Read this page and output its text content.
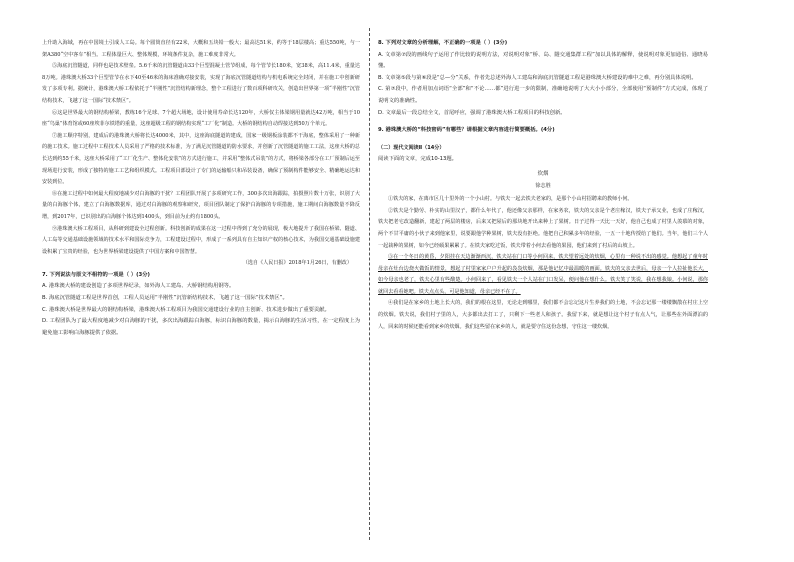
上升助入海域，再在中国境土引成人工岛。每个圆筒直径有22米，大概和五块铅一般大；最高达51米，约等于18层楼高；重达550吨，与一架A380“空中客车”相当。工程体量巨大、整体规模，环境条件复杂，施工难度非常大。

⑤海底沉管隧道，同样也是技术壁垒。5.6千米的沉管隧道由33个巨型混凝土管节组成，每个管节长180米，宽38米，高11.4米，重量达8万吨。港珠澳大桥33个巨型管节在水下40至46米的海床准确对接安装，实现了海底沉管隧道结构与机电系统完全封闭，并在施工中创新研发了多项专利。据统计，港珠澳大桥工程依托于“半刚性”沉管结构新理念，整个工程进行了数百项科研攻关，创造出世界第一项“半刚性”沉管结构技术，飞越了这一国际“技术禁区”。

⑥这是世界最大的钢结构桥梁，教练16个足球、7个超大场地，设计使用寿命长达120年，大桥仅主体梁钢用量就达42万吨，相当于10座“鸟巢”体育馆或60座埃菲尔铁塔的重量，这座超级工程的钢结构实现“工厂化”制造。大桥的钢结构自动焊接达到50万个单元。

⑦施工顺序特别，建成后的港珠澳大桥将长达4000米，其中，这座海底隧道的建成，国家一级钢板涂装都不干海底，整体采用了一种新的施工技术。施工过程中工程技术人员采用了严格的技术标准，为了满足沉管隧道的防水要求，并创新了沉管隧道的施工工法，这座大桥的总长达到约55千米，这座大桥采用了“工厂化生产、整体化安装”的方式进行施工，并采用“整体式吊装”的方式，将桥梁各部分在工厂预制后运至现场进行安装，形成了独特的施工工艺和组织模式。工程项目部设计了专门的运输船只和吊装设备，确保了预制构件能够安全、精确地运达和安装到位。

⑧在施工过程中如何最大程度地减少对白海豚的干扰？工程团队开展了多项研究工作，300多次出海跟踪，拍摄照片数十万张，识别了大量的白海豚个体，建立了白海豚数据库，通过对白海豚的观察和研究，项目团队制定了保护白海豚的专项措施，施工期间白海豚数量不降反增，到2017年，已识别出的白海豚个体达到1400头，到目前为止约有1800头。

⑨港珠澳大桥工程项目，从科研到建设全过程创新。科技创新的成果在这一过程中得到了充分的展现，极大地提升了我国在桥梁、隧道、人工岛等交通基础设施领域的技术水平和国际竞争力，工程建设过程中，形成了一系列具有自主知识产权的核心技术，为我国交通基础设施建设积累了宝贵的经验，也为世界桥梁建设提供了中国方案和中国智慧。

（选自《人民日报》2018年1月26日，有删改）

7. 下列说法与原文不相符的一项是（ ）(3分)

A. 港珠澳大桥的建设创造了多项世界纪录，如外海人工建岛、大桥钢结构用钢等。

B. 海底沉管隧道工程是世界首创，工程人员运用“半刚性”沉管新结构技术，飞越了这一国际“技术禁区”。

C. 港珠澳大桥是世界最大的钢结构桥梁，港珠澳大桥工程项目为我国交通建设行业的自主创新、技术进步做出了重要贡献。

D. 工程团队为了最大程度地减少对白海豚的干扰，多次出海跟踪白海豚，标识白海豚的数量，揭示白海豚的生活习性，在一定程度上为避免施工影响白海豚提供了依据。

8. 下列对文章的分析理解，不正确的一项是（ ）(3分)

A. 文章第⑦段的画线句子运用了作比较的说明方法，对说明对象“桥、岛、隧交通集群工程”加以具体的解释，使说明对象更加通俗、通晓易懂。

B. 文章第⑤段与第⑥段是“总—分”关系，作者先总述外海人工建岛和海底沉管隧道工程是港珠澳大桥建设的难中之难，再分别具体说明。

C. 第⑦段中，作者用加点词语“全部”和“不论……都”进行进一步的限制，准确地说明了大大小小部分，全部使用“预制件”方式完成，体现了说明文的准确性。

D. 文章最后一段总结全文，首尾呼应，强调了港珠澳大桥工程项目的科技创新。

9. 港珠澳大桥的“科技密码”有哪些？请根据文章内容进行简要概括。(4分)

（二）现代文阅读Ⅱ（14分）

阅读下面的文章，完成10-13题。

炊烟

徐志胜

①铁夫的家，在离市区几十里外的一个小山村。与铁夫一起去铁夫老家的，是那个小山村招聘来的教师小何。

②铁夫是个勤劳、朴实的山里汉子，都什么年代了，他还像父亲那样，在家务农，铁夫的父亲是个老庄稼汉，铁夫子承父业，也成了庄稼汉，铁夫把老宅改造翻新，建起了两层的楼房，后来又把屋后的那块地开出来种上了果树。日子过得一天比一天好，他自己也成了村里人羡慕的对象，两个不甘平庸的小伙子来到他家里，说要跟他学种果树，铁夫没有拒绝。他把自己积累多年的经验，一五一十地传授给了他们。当年，他们三个人一起栽种的果树，如今已经硕果累累了。在铁夫家吃过饭，铁夫带着小何去看他的果园，他们来到了村后的山坡上。

③在一个冬日的黄昏，夕阳挂在天边渐渐西沉，铁夫站在门口等小何回来，铁夫望着远处的炊烟，心里有一种说不出的感觉。他想起了童年时母亲在灶台边烧火做饭的情景，想起了村里家家户户升起的袅袅炊烟，那是他记忆中最温暖的画面。铁夫的父亲去世后，母亲一个人拉扯他长大，如今母亲也老了，铁夫心里有些酸楚。小何回来了，看见铁夫一个人站在门口发呆，便问他在想什么。铁夫笑了笑说，我在想我娘。小何说，那你就回去看看她吧。铁夫点点头，可是他知道，母亲已经不在了。

④我们是在家乡的土地上长大的，我们的根在这里，无论走到哪里，我们都不会忘记这片生养我们的土地，不会忘记那一缕缕飘散在村庄上空的炊烟。铁夫说，我们村子里的人，大多都出去打工了，只剩下一些老人和孩子。我留下来，就是想让这个村子有点人气，让那些在外面漂泊的人，回来的时候还能看到家乡的炊烟。我们这些留在家乡的人，就是要守住这份念想，守住这一缕炊烟。
